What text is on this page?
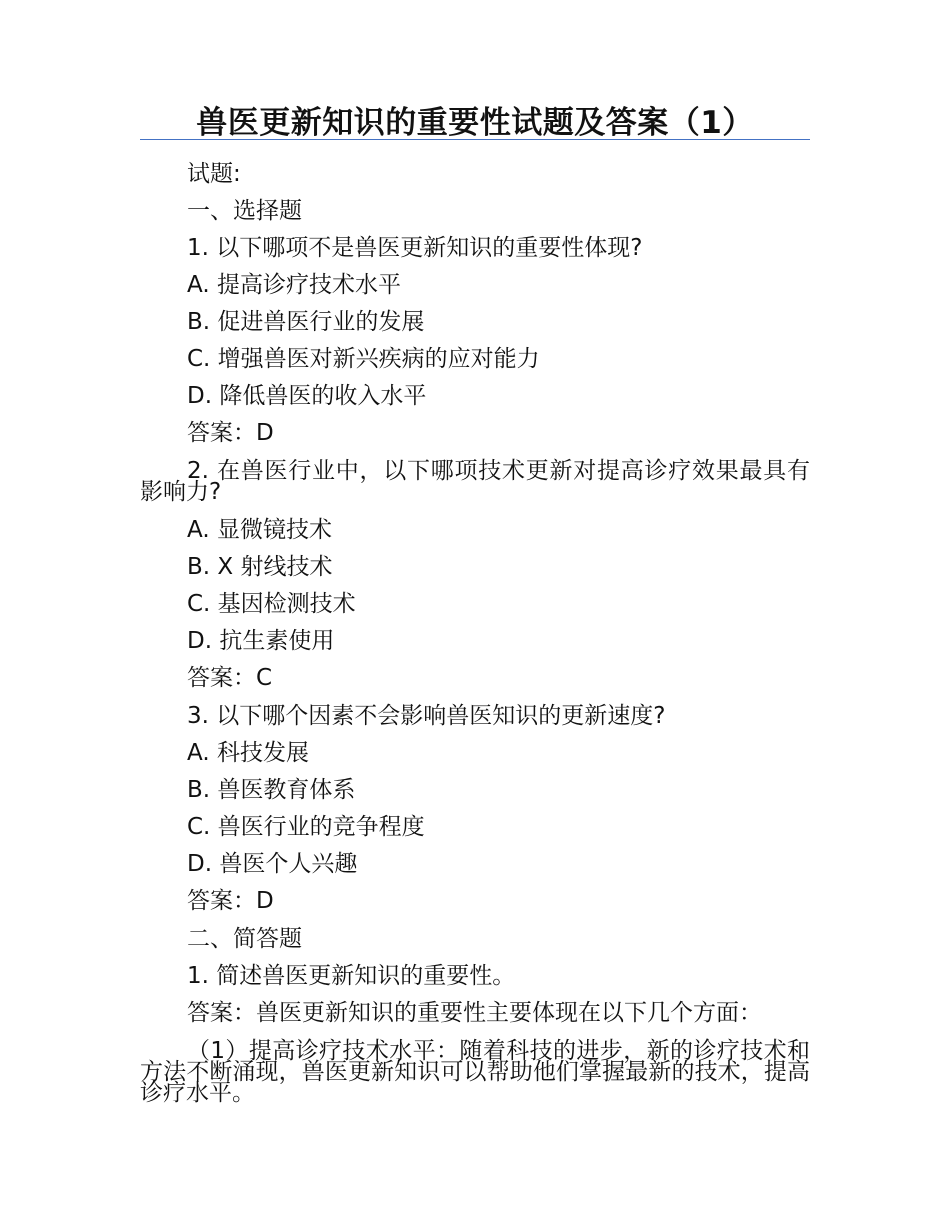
兽医更新知识的重要性试题及答案（1）
试题:
一、选择题
1. 以下哪项不是兽医更新知识的重要性体现?
A. 提高诊疗技术水平
B. 促进兽医行业的发展
C. 增强兽医对新兴疾病的应对能力
D. 降低兽医的收入水平
答案：D
2. 在兽医行业中，以下哪项技术更新对提高诊疗效果最具有影响力?
A. 显微镜技术
B. X 射线技术
C. 基因检测技术
D. 抗生素使用
答案：C
3. 以下哪个因素不会影响兽医知识的更新速度?
A. 科技发展
B. 兽医教育体系
C. 兽医行业的竞争程度
D. 兽医个人兴趣
答案：D
二、简答题
1. 简述兽医更新知识的重要性。
答案：兽医更新知识的重要性主要体现在以下几个方面：
（1）提高诊疗技术水平：随着科技的进步，新的诊疗技术和方法不断涌现，兽医更新知识可以帮助他们掌握最新的技术，提高诊疗水平。
